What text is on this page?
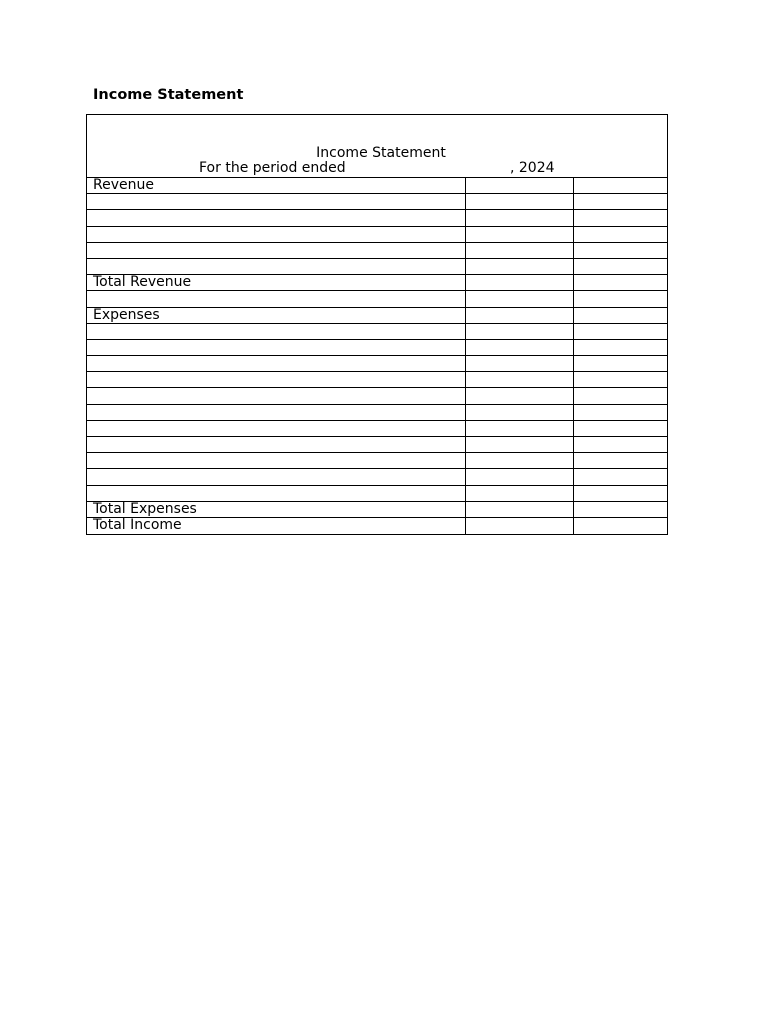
Income Statement
Income Statement
For the period ended	, 2024
Revenue
Total Revenue
Expenses
Total Expenses
Total Income
